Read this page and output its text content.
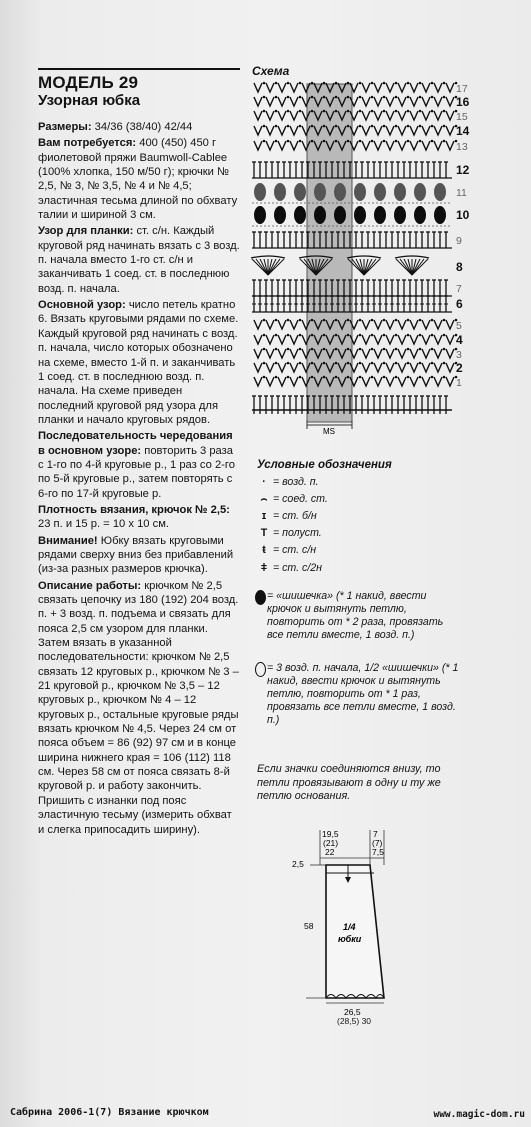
МОДЕЛЬ 29
Узорная юбка

Размеры: 34/36 (38/40) 42/44

Вам потребуется: 400 (450) 450 г фиолетовой пряжи Baumwoll-Cablee (100% хлопка, 150 м/50 г); крючки № 2,5, № 3, № 3,5, № 4 и № 4,5; эластичная тесьма длиной по обхвату талии и шириной 3 см.

Узор для планки: ст. с/н. Каждый круговой ряд начинать вязать с 3 возд. п. начала вместо 1-го ст. с/н и заканчивать 1 соед. ст. в последнюю возд. п. начала.

Основной узор: число петель кратно 6. Вязать круговыми рядами по схеме. Каждый круговой ряд начинать с возд. п. начала, число которых обозначено на схеме, вместо 1-й п. и заканчивать 1 соед. ст. в последнюю возд. п. начала. На схеме приведен последний круговой ряд узора для планки и начало круговых рядов.

Последовательность чередования в основном узоре: повторить 3 раза с 1-го по 4-й круговые р., 1 раз со 2-го по 5-й круговые р., затем повторять с 6-го по 17-й круговые р.

Плотность вязания, крючок № 2,5: 23 п. и 15 р. = 10 х 10 см.

Внимание! Юбку вязать круговыми рядами сверху вниз без прибавлений (из-за разных размеров крючка).

Описание работы: крючком № 2,5 связать цепочку из 180 (192) 204 возд. п. + 3 возд. п. подъема и связать для пояса 2,5 см узором для планки. Затем вязать в указанной последовательности: крючком № 2,5 связать 12 круговых р., крючком № 3 – 21 круговой р., крючком № 3,5 – 12 круговых р., крючком № 4 – 12 круговых р., остальные круговые ряды вязать крючком № 4,5. Через 24 см от пояса объем = 86 (92) 97 см и в конце ширина нижнего края = 106 (112) 118 см. Через 58 см от пояса связать 8-й круговой р. и работу закончить. Пришить с изнанки под пояс эластичную тесьму (измерить обхват и слегка припосадить ширину).

Схема
16
14
12
10
8
6
4
2
17
15
13
11
9
7
5
3
1
MS
Условные обозначения
· = возд. п.
⌢ = соед. ст.
ɪ = ст. б/н
T = полуст.
ŧ = ст. с/н
ǂ = ст. с/2н
= «шишечка» (* 1 накид, ввести крючок и вытянуть петлю, повторить от * 2 раза, провязать все петли вместе, 1 возд. п.)
= 3 возд. п. начала, 1/2 «шишечки» (* 1 накид, ввести крючок и вытянуть петлю, повторить от * 1 раз, провязать все петли вместе, 1 возд. п.)
Если значки соединяются внизу, то петли провязывают в одну и ту же петлю основания.
19,5
(21)
22
7
(7)
7,5
2,5
58	1/4
юбки
26,5
(28,5) 30
Сабрина 2006-1(7) Вязание крючком	www.magic-dom.ru
